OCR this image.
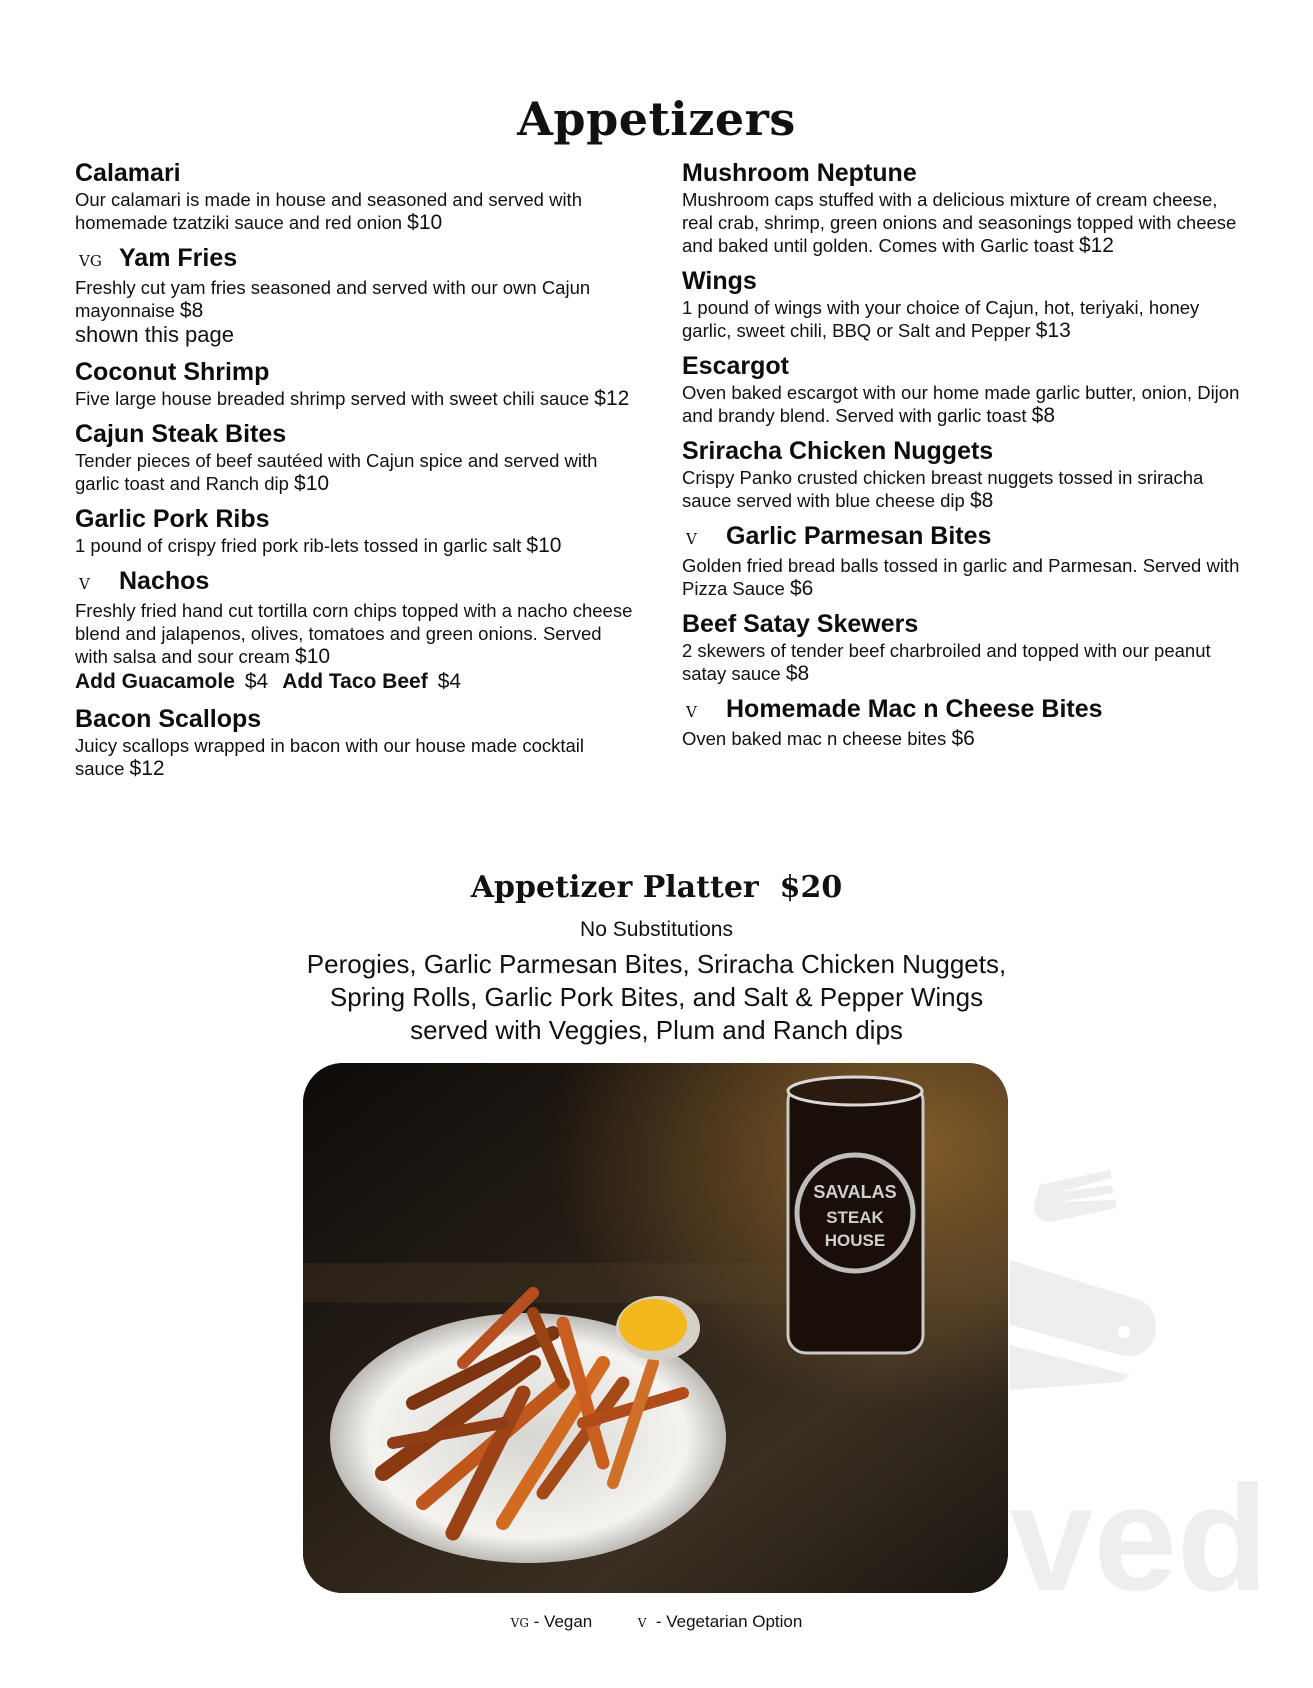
Appetizers
Calamari
Our calamari is made in house and seasoned and served with homemade tzatziki sauce and red onion $10
VG Yam Fries
Freshly cut yam fries seasoned and served with our own Cajun mayonnaise $8
shown this page
Coconut Shrimp
Five large house breaded shrimp served with sweet chili sauce $12
Cajun Steak Bites
Tender pieces of beef sautéed with Cajun spice and served with garlic toast and Ranch dip $10
Garlic Pork Ribs
1 pound of crispy fried pork rib-lets tossed in garlic salt $10
V Nachos
Freshly fried hand cut tortilla corn chips topped with a nacho cheese blend and jalapenos, olives, tomatoes and green onions. Served with salsa and sour cream $10
Add Guacamole $4 Add Taco Beef $4
Bacon Scallops
Juicy scallops wrapped in bacon with our house made cocktail sauce $12
Mushroom Neptune
Mushroom caps stuffed with a delicious mixture of cream cheese, real crab, shrimp, green onions and seasonings topped with cheese and baked until golden. Comes with Garlic toast $12
Wings
1 pound of wings with your choice of Cajun, hot, teriyaki, honey garlic, sweet chili, BBQ or Salt and Pepper $13
Escargot
Oven baked escargot with our home made garlic butter, onion, Dijon and brandy blend. Served with garlic toast $8
Sriracha Chicken Nuggets
Crispy Panko crusted chicken breast nuggets tossed in sriracha sauce served with blue cheese dip $8
V Garlic Parmesan Bites
Golden fried bread balls tossed in garlic and Parmesan. Served with Pizza Sauce $6
Beef Satay Skewers
2 skewers of tender beef charbroiled and topped with our peanut satay sauce $8
V Homemade Mac n Cheese Bites
Oven baked mac n cheese bites $6
Appetizer Platter $20
No Substitutions
Perogies, Garlic Parmesan Bites, Sriracha Chicken Nuggets,
Spring Rolls, Garlic Pork Bites, and Salt & Pepper Wings
served with Veggies, Plum and Ranch dips
SAVALAS
STEAK
HOUSE
VG - Vegan	V - Vegetarian Option	ved
